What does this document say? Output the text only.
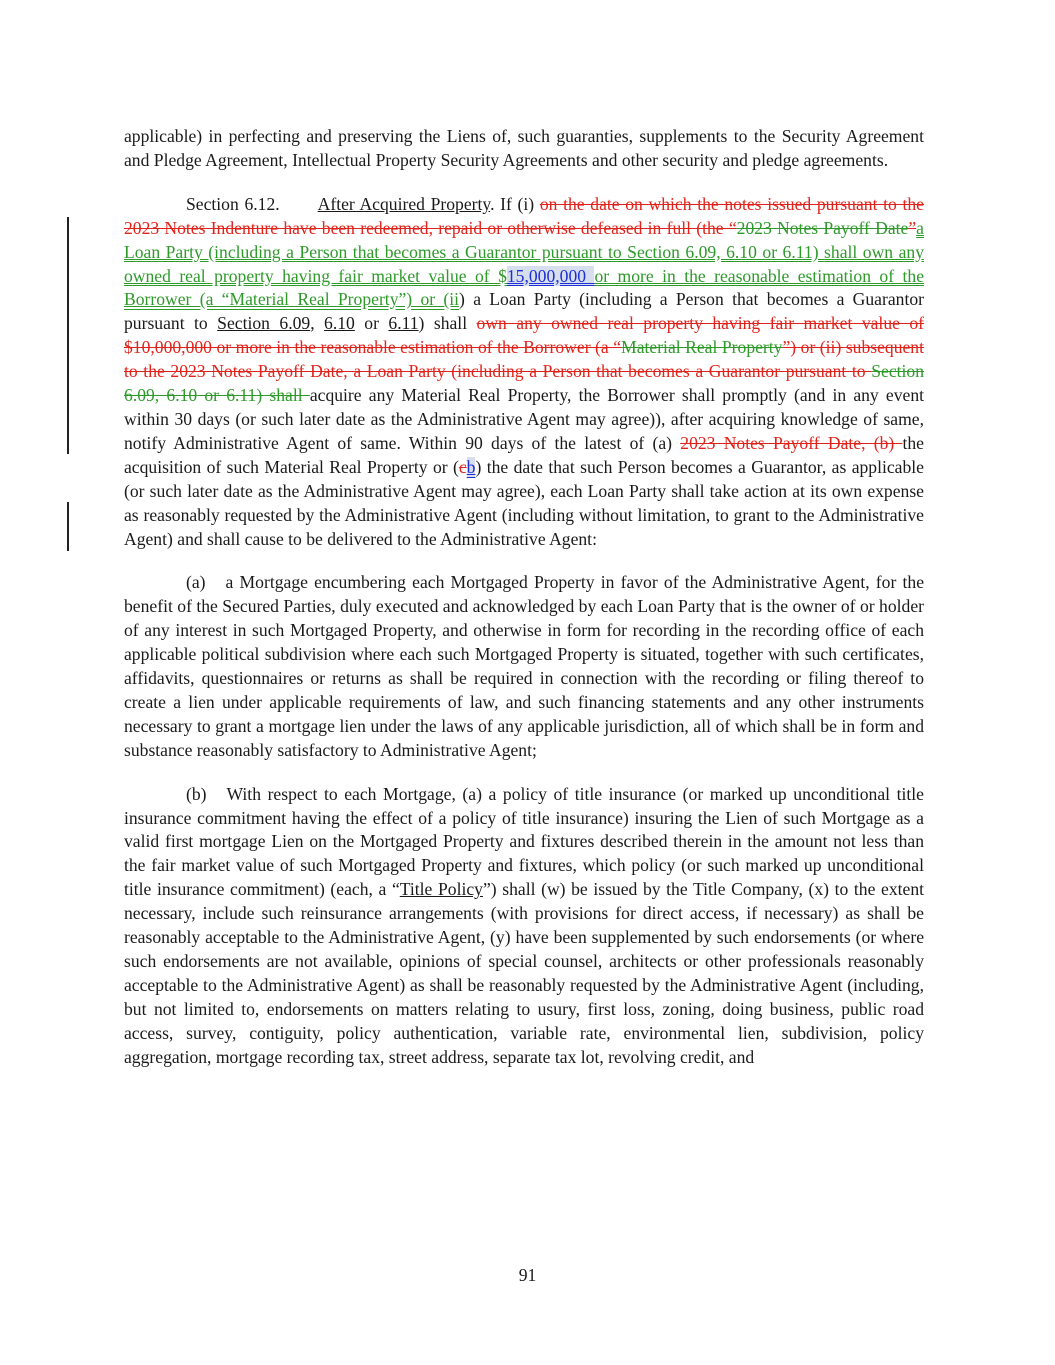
applicable) in perfecting and preserving the Liens of, such guaranties, supplements to the Security Agreement and Pledge Agreement, Intellectual Property Security Agreements and other security and pledge agreements.

Section 6.12. After Acquired Property. If (i) on the date on which the notes issued pursuant to the 2023 Notes Indenture have been redeemed, repaid or otherwise defeased in full (the “2023 Notes Payoff Date”a Loan Party (including a Person that becomes a Guarantor pursuant to Section 6.09, 6.10 or 6.11) shall own any owned real property having fair market value of $15,000,000 or more in the reasonable estimation of the Borrower (a “Material Real Property”) or (ii) a Loan Party (including a Person that becomes a Guarantor pursuant to Section 6.09, 6.10 or 6.11) shall own any owned real property having fair market value of $10,000,000 or more in the reasonable estimation of the Borrower (a “Material Real Property”) or (ii) subsequent to the 2023 Notes Payoff Date, a Loan Party (including a Person that becomes a Guarantor pursuant to Section 6.09, 6.10 or 6.11) shall acquire any Material Real Property, the Borrower shall promptly (and in any event within 30 days (or such later date as the Administrative Agent may agree)), after acquiring knowledge of same, notify Administrative Agent of same. Within 90 days of the latest of (a) 2023 Notes Payoff Date, (b) the acquisition of such Material Real Property or (cb) the date that such Person becomes a Guarantor, as applicable (or such later date as the Administrative Agent may agree), each Loan Party shall take action at its own expense as reasonably requested by the Administrative Agent (including without limitation, to grant to the Administrative Agent) and shall cause to be delivered to the Administrative Agent:

(a) a Mortgage encumbering each Mortgaged Property in favor of the Administrative Agent, for the benefit of the Secured Parties, duly executed and acknowledged by each Loan Party that is the owner of or holder of any interest in such Mortgaged Property, and otherwise in form for recording in the recording office of each applicable political subdivision where each such Mortgaged Property is situated, together with such certificates, affidavits, questionnaires or returns as shall be required in connection with the recording or filing thereof to create a lien under applicable requirements of law, and such financing statements and any other instruments necessary to grant a mortgage lien under the laws of any applicable jurisdiction, all of which shall be in form and substance reasonably satisfactory to Administrative Agent;

(b) With respect to each Mortgage, (a) a policy of title insurance (or marked up unconditional title insurance commitment having the effect of a policy of title insurance) insuring the Lien of such Mortgage as a valid first mortgage Lien on the Mortgaged Property and fixtures described therein in the amount not less than the fair market value of such Mortgaged Property and fixtures, which policy (or such marked up unconditional title insurance commitment) (each, a “Title Policy”) shall (w) be issued by the Title Company, (x) to the extent necessary, include such reinsurance arrangements (with provisions for direct access, if necessary) as shall be reasonably acceptable to the Administrative Agent, (y) have been supplemented by such endorsements (or where such endorsements are not available, opinions of special counsel, architects or other professionals reasonably acceptable to the Administrative Agent) as shall be reasonably requested by the Administrative Agent (including, but not limited to, endorsements on matters relating to usury, first loss, zoning, doing business, public road access, survey, contiguity, policy authentication, variable rate, environmental lien, subdivision, policy aggregation, mortgage recording tax, street address, separate tax lot, revolving credit, and

91
